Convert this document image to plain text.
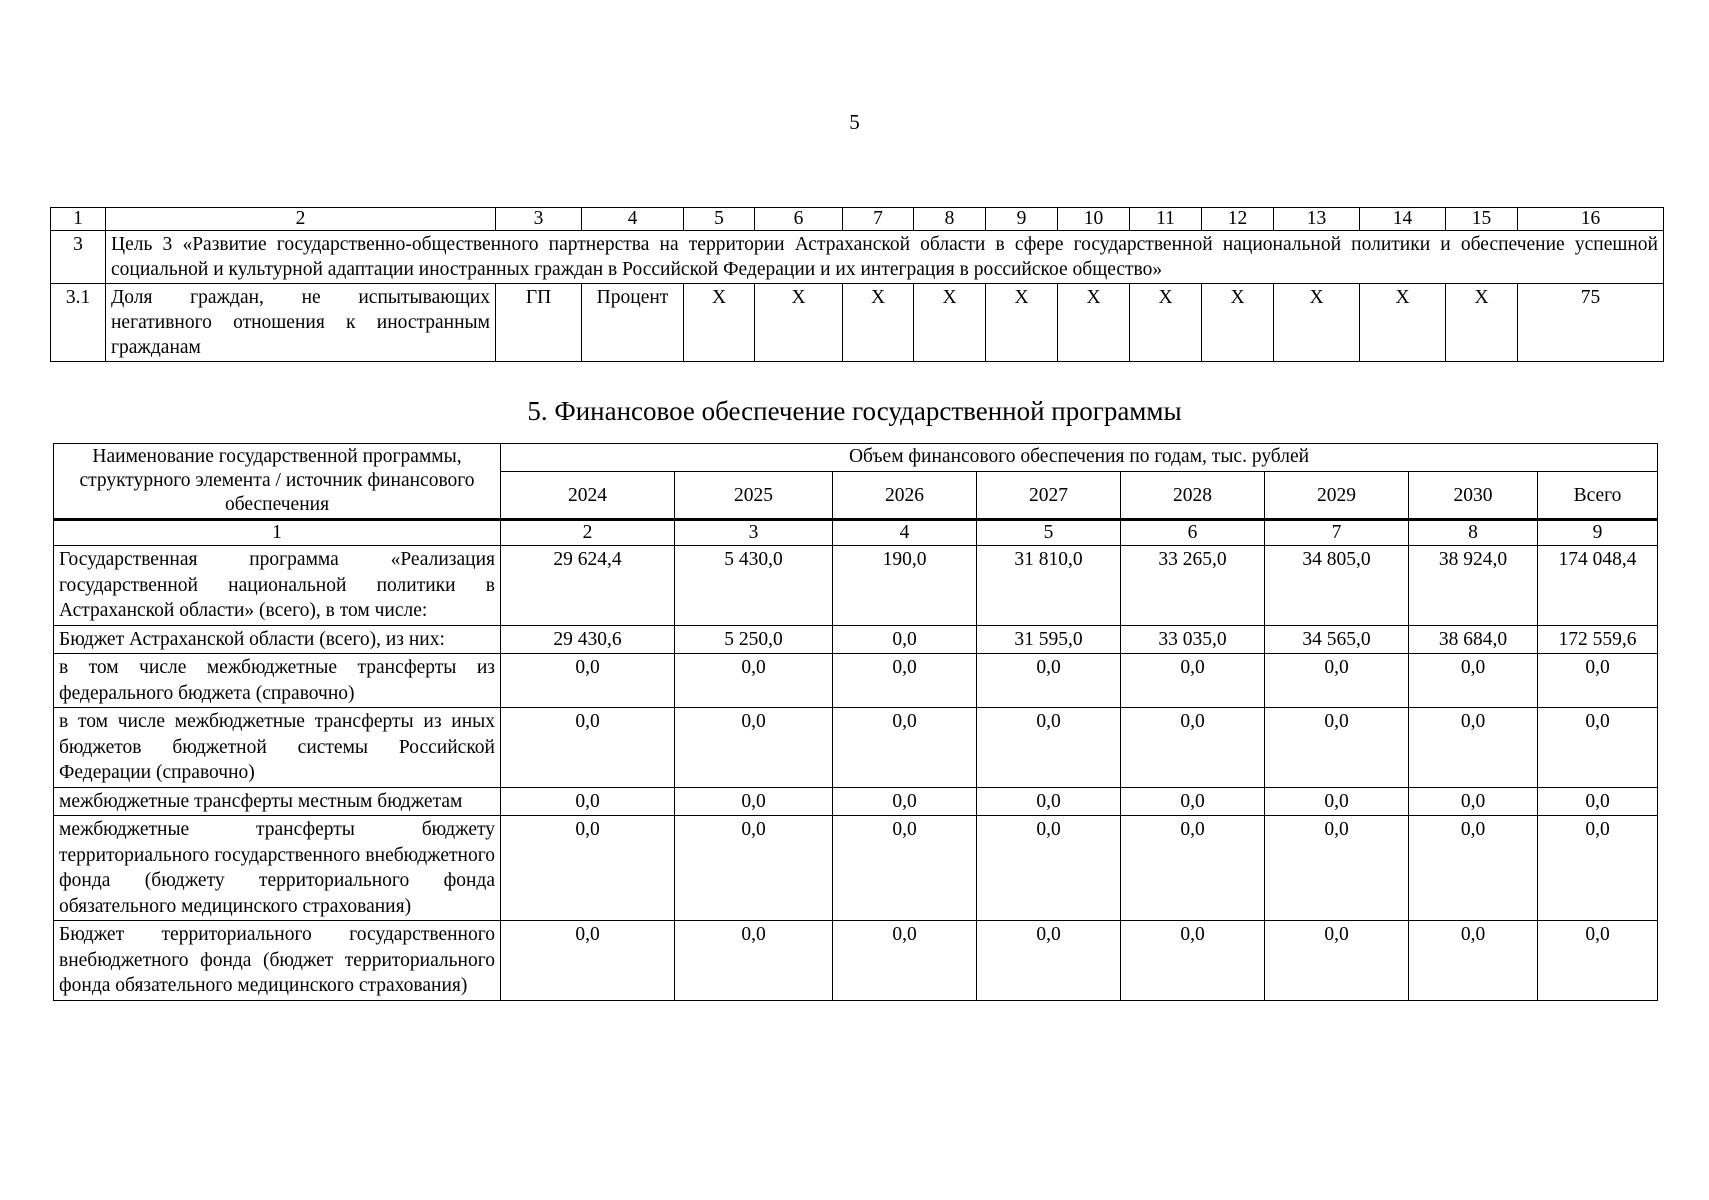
5
1	2	3	4	5	6	7	8	9	10	11	12	13	14	15	16
3	Цель 3 «Развитие государственно-общественного партнерства на территории Астраханской области в сфере государственной национальной политики и обеспечение успешной социальной и культурной адаптации иностранных граждан в Российской Федерации и их интеграция в российское общество»														
3.1	Доля граждан, не испытывающих негативного отношения к иностранным гражданам	ГП	Процент	X	X	X	X	X	X	X	X	X	X	X	75
5. Финансовое обеспечение государственной программы
Наименование государственной программы, структурного элемента / источник финансового обеспечения	Объем финансового обеспечения по годам, тыс. рублей							
	2024	2025	2026	2027	2028	2029	2030	Всего
1	2	3	4	5	6	7	8	9
Государственная программа «Реализация государственной национальной политики в Астраханской области» (всего), в том числе:	29 624,4	5 430,0	190,0	31 810,0	33 265,0	34 805,0	38 924,0	174 048,4
Бюджет Астраханской области (всего), из них:	29 430,6	5 250,0	0,0	31 595,0	33 035,0	34 565,0	38 684,0	172 559,6
в том числе межбюджетные трансферты из федерального бюджета (справочно)	0,0	0,0	0,0	0,0	0,0	0,0	0,0	0,0
в том числе межбюджетные трансферты из иных бюджетов бюджетной системы Российской Федерации (справочно)	0,0	0,0	0,0	0,0	0,0	0,0	0,0	0,0
межбюджетные трансферты местным бюджетам	0,0	0,0	0,0	0,0	0,0	0,0	0,0	0,0
межбюджетные трансферты бюджету территориального государственного внебюджетного фонда (бюджету территориального фонда обязательного медицинского страхования)	0,0	0,0	0,0	0,0	0,0	0,0	0,0	0,0
Бюджет территориального государственного внебюджетного фонда (бюджет территориального фонда обязательного медицинского страхования)	0,0	0,0	0,0	0,0	0,0	0,0	0,0	0,0
